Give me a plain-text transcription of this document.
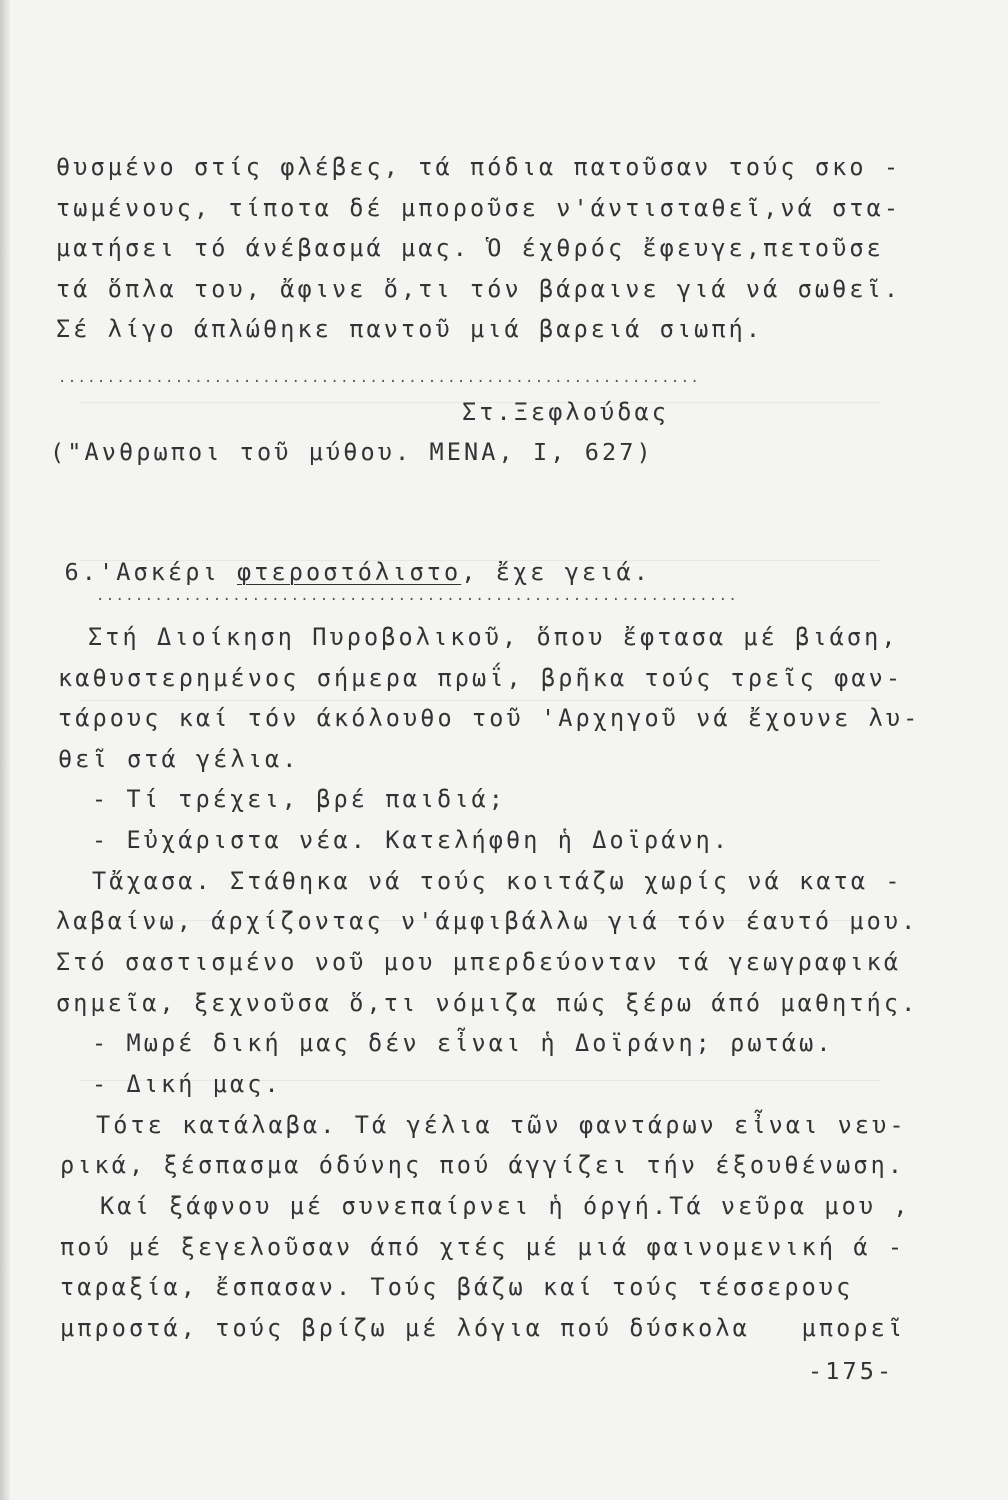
θυσμένο στίς φλέβες, τά πόδια πατοῦσαν τούς σκο -
τωμένους, τίποτα δέ μποροῦσε ν'άντισταθεῖ,νά στα-
ματήσει τό άνέβασμά μας. Ὁ έχθρός ἔφευγε,πετοῦσε
τά ὅπλα του, ἄφινε ὅ,τι τόν βάραινε γιά νά σωθεῖ.
Σέ λίγο άπλώθηκε παντοῦ μιά βαρειά σιωπή.
..................................................................
Στ.Ξεφλούδας
("Ανθρωποι τοῦ μύθου. ΜΕΝΑ, I, 627)

6.'Ασκέρι φτεροστόλιστο, ἔχε γειά.

..................................................................
Στή Διοίκηση Πυροβολικοῦ, ὅπου ἔφτασα μέ βιάση,
καθυστερημένος σήμερα πρωΐ, βρῆκα τούς τρεῖς φαν-
τάρους καί τόν άκόλουθο τοῦ 'Αρχηγοῦ νά ἔχουνε λυ-
θεῖ στά γέλια.
- Τί τρέχει, βρέ παιδιά;
- Εὐχάριστα νέα. Κατελήφθη ἡ Δοϊράνη.
Τἄχασα. Στάθηκα νά τούς κοιτάζω χωρίς νά κατα -
λαβαίνω, άρχίζοντας ν'άμφιβάλλω γιά τόν έαυτό μου.
Στό σαστισμένο νοῦ μου μπερδεύονταν τά γεωγραφικά
σημεῖα, ξεχνοῦσα ὅ,τι νόμιζα πώς ξέρω άπό μαθητής.
- Μωρέ δική μας δέν εἶναι ἡ Δοϊράνη; ρωτάω.
- Δική μας.
Τότε κατάλαβα. Τά γέλια τῶν φαντάρων εἶναι νευ-
ρικά, ξέσπασμα όδύνης πού άγγίζει τήν έξουθένωση.
Καί ξάφνου μέ συνεπαίρνει ἡ όργή.Τά νεῦρα μου ,
πού μέ ξεγελοῦσαν άπό χτές μέ μιά φαινομενική ά -
ταραξία, ἔσπασαν. Τούς βάζω καί τούς τέσσερους
μπροστά, τούς βρίζω μέ λόγια πού δύσκολα   μπορεῖ
-175-
